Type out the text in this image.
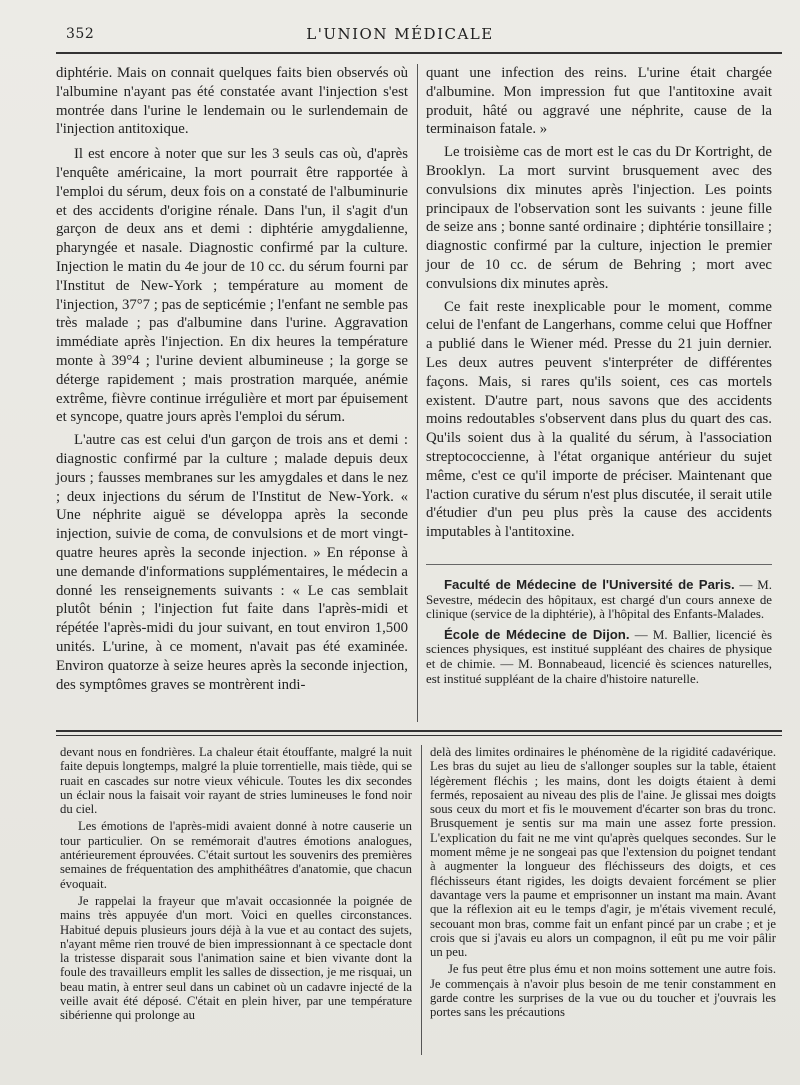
352	L'UNION MÉDICALE

diphtérie. Mais on connait quelques faits bien observés où l'albumine n'ayant pas été constatée avant l'injection s'est montrée dans l'urine le lendemain ou le surlendemain de l'injection antitoxique.

Il est encore à noter que sur les 3 seuls cas où, d'après l'enquête américaine, la mort pourrait être rapportée à l'emploi du sérum, deux fois on a constaté de l'albuminurie et des accidents d'origine rénale. Dans l'un, il s'agit d'un garçon de deux ans et demi : diphtérie amygdalienne, pharyngée et nasale. Diagnostic confirmé par la culture. Injection le matin du 4e jour de 10 cc. du sérum fourni par l'Institut de New-York ; température au moment de l'injection, 37°7 ; pas de septicémie ; l'enfant ne semble pas très malade ; pas d'albumine dans l'urine. Aggravation immédiate après l'injection. En dix heures la température monte à 39°4 ; l'urine devient albumineuse ; la gorge se déterge rapidement ; mais prostration marquée, anémie extrême, fièvre continue irrégulière et mort par épuisement et syncope, quatre jours après l'emploi du sérum.

L'autre cas est celui d'un garçon de trois ans et demi : diagnostic confirmé par la culture ; malade depuis deux jours ; fausses membranes sur les amygdales et dans le nez ; deux injections du sérum de l'Institut de New-York. « Une néphrite aiguë se développa après la seconde injection, suivie de coma, de convulsions et de mort vingt-quatre heures après la seconde injection. » En réponse à une demande d'informations supplémentaires, le médecin a donné les renseignements suivants : « Le cas semblait plutôt bénin ; l'injection fut faite dans l'après-midi et répétée l'après-midi du jour suivant, en tout environ 1,500 unités. L'urine, à ce moment, n'avait pas été examinée. Environ quatorze à seize heures après la seconde injection, des symptômes graves se montrèrent indi-

quant une infection des reins. L'urine était chargée d'albumine. Mon impression fut que l'antitoxine avait produit, hâté ou aggravé une néphrite, cause de la terminaison fatale. »

Le troisième cas de mort est le cas du Dr Kortright, de Brooklyn. La mort survint brusquement avec des convulsions dix minutes après l'injection. Les points principaux de l'observation sont les suivants : jeune fille de seize ans ; bonne santé ordinaire ; diphtérie tonsillaire ; diagnostic confirmé par la culture, injection le premier jour de 10 cc. de sérum de Behring ; mort avec convulsions dix minutes après.

Ce fait reste inexplicable pour le moment, comme celui de l'enfant de Langerhans, comme celui que Hoffner a publié dans le Wiener méd. Presse du 21 juin dernier. Les deux autres peuvent s'interpréter de différentes façons. Mais, si rares qu'ils soient, ces cas mortels existent. D'autre part, nous savons que des accidents moins redoutables s'observent dans plus du quart des cas. Qu'ils soient dus à la qualité du sérum, à l'association streptococcienne, à l'état organique antérieur du sujet même, c'est ce qu'il importe de préciser. Maintenant que l'action curative du sérum n'est plus discutée, il serait utile d'étudier d'un peu plus près la cause des accidents imputables à l'antitoxine.

Faculté de Médecine de l'Université de Paris. — M. Sevestre, médecin des hôpitaux, est chargé d'un cours annexe de clinique (service de la diphtérie), à l'hôpital des Enfants-Malades.

École de Médecine de Dijon. — M. Ballier, licencié ès sciences physiques, est institué suppléant des chaires de physique et de chimie. — M. Bonnabeaud, licencié ès sciences naturelles, est institué suppléant de la chaire d'histoire naturelle.

devant nous en fondrières. La chaleur était étouffante, malgré la nuit faite depuis longtemps, malgré la pluie torrentielle, mais tiède, qui se ruait en cascades sur notre vieux véhicule. Toutes les dix secondes un éclair nous la faisait voir rayant de stries lumineuses le fond noir du ciel.

Les émotions de l'après-midi avaient donné à notre causerie un tour particulier. On se remémorait d'autres émotions analogues, antérieurement éprouvées. C'était surtout les souvenirs des premières semaines de fréquentation des amphithéâtres d'anatomie, que chacun évoquait.

Je rappelai la frayeur que m'avait occasionnée la poignée de mains très appuyée d'un mort. Voici en quelles circonstances. Habitué depuis plusieurs jours déjà à la vue et au contact des sujets, n'ayant même rien trouvé de bien impressionnant à ce spectacle dont la tristesse disparait sous l'animation saine et bien vivante dont la foule des travailleurs emplit les salles de dissection, je me risquai, un beau matin, à entrer seul dans un cabinet où un cadavre injecté de la veille avait été déposé. C'était en plein hiver, par une température sibérienne qui prolonge au

delà des limites ordinaires le phénomène de la rigidité cadavérique. Les bras du sujet au lieu de s'allonger souples sur la table, étaient légèrement fléchis ; les mains, dont les doigts étaient à demi fermés, reposaient au niveau des plis de l'aine. Je glissai mes doigts sous ceux du mort et fis le mouvement d'écarter son bras du tronc. Brusquement je sentis sur ma main une assez forte pression. L'explication du fait ne me vint qu'après quelques secondes. Sur le moment même je ne songeai pas que l'extension du poignet tendant à augmenter la longueur des fléchisseurs des doigts, et ces fléchisseurs étant rigides, les doigts devaient forcément se plier davantage vers la paume et emprisonner un instant ma main. Avant que la réflexion ait eu le temps d'agir, je m'étais vivement reculé, secouant mon bras, comme fait un enfant pincé par un crabe ; et je crois que si j'avais eu alors un compagnon, il eût pu me voir pâlir un peu.

Je fus peut être plus ému et non moins sottement une autre fois. Je commençais à n'avoir plus besoin de me tenir constamment en garde contre les surprises de la vue ou du toucher et j'ouvrais les portes sans les précautions
